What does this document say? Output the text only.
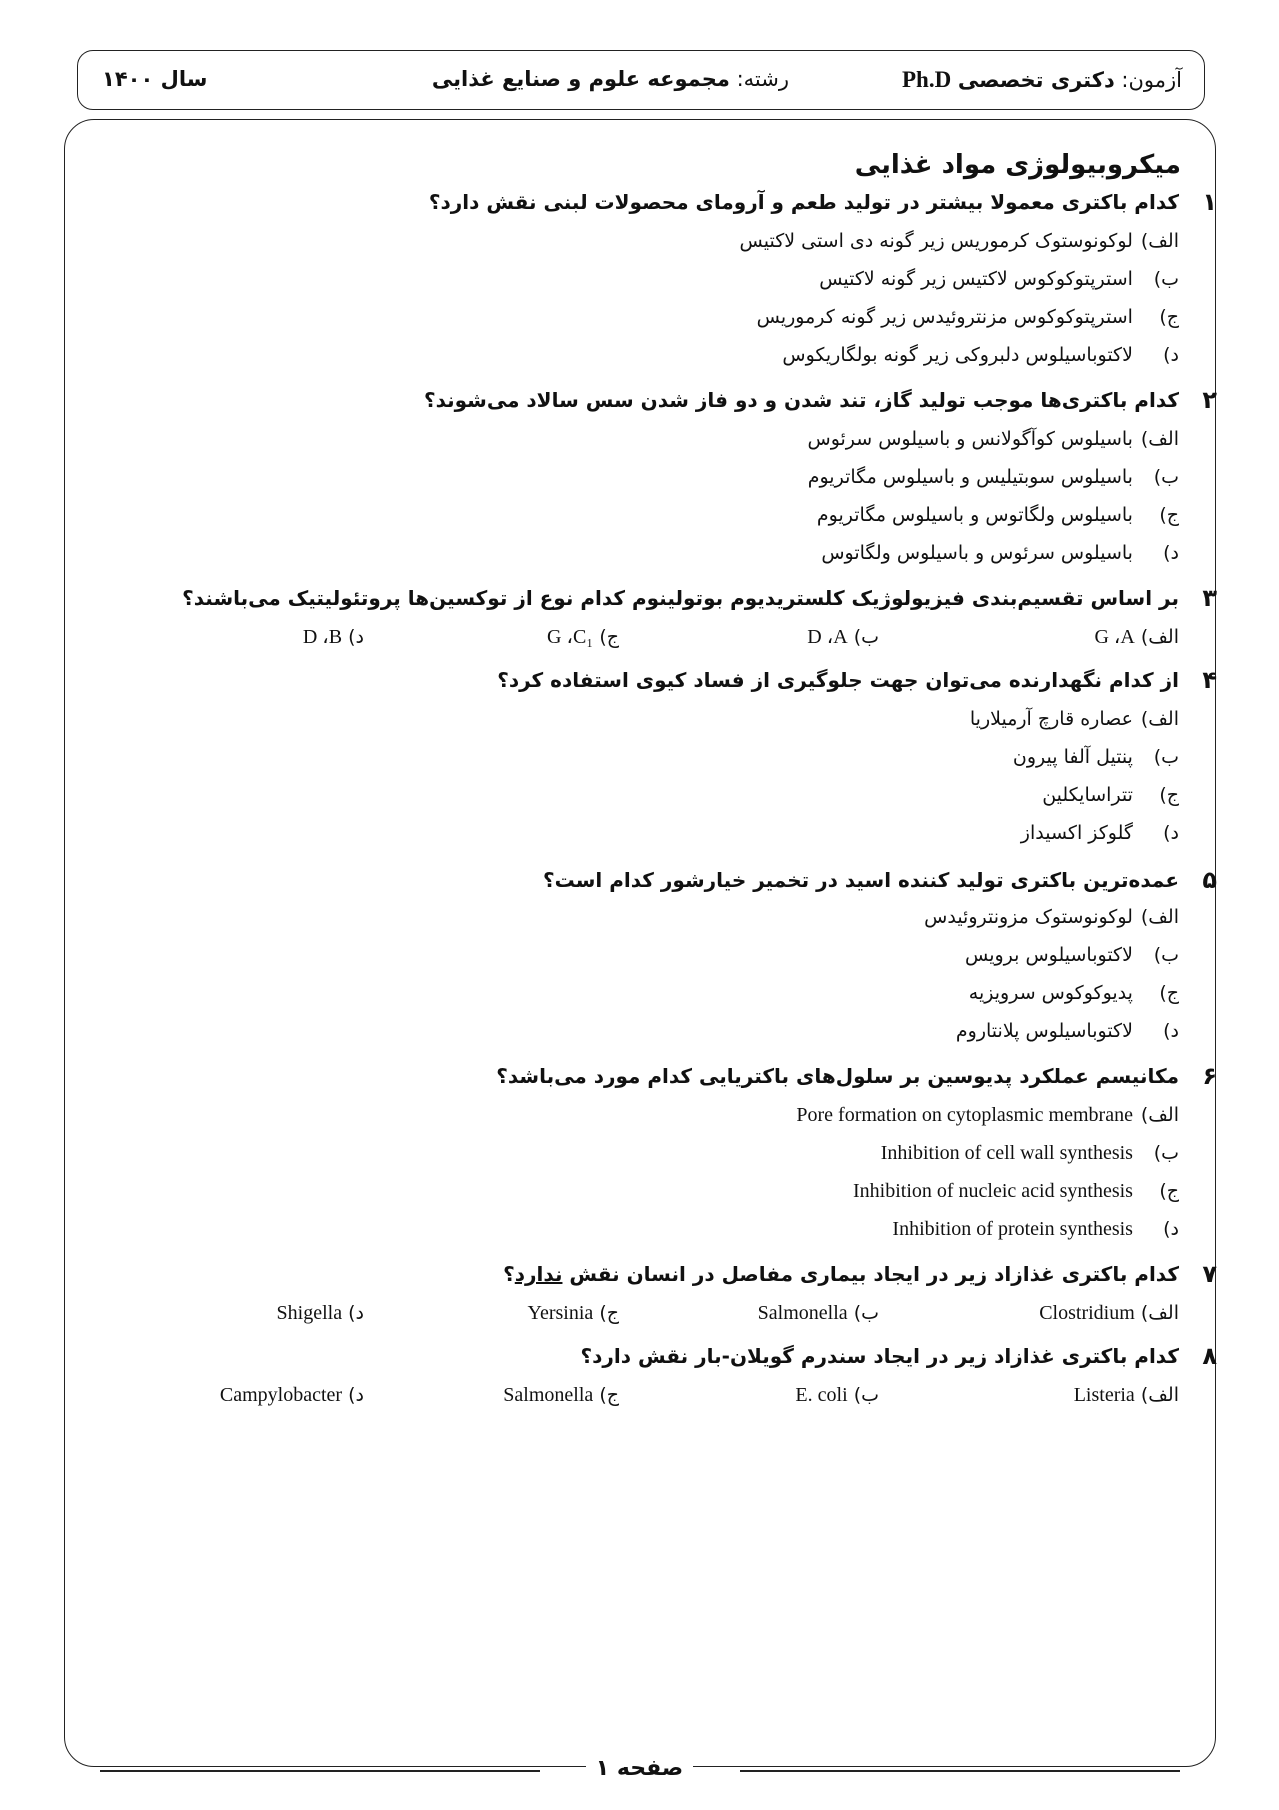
آزمون: دکتری تخصصی Ph.D
رشته: مجموعه علوم و صنایع غذایی
سال ۱۴۰۰
میکروبیولوژی مواد غذایی
۱
کدام باکتری معمولا بیشتر در تولید طعم و آرومای محصولات لبنی نقش دارد؟
الف) لوکونوستوک کرموریس زیر گونه دی استی لاکتیس
ب) استرپتوکوکوس لاکتیس زیر گونه لاکتیس
ج) استرپتوکوکوس مزنتروئیدس زیر گونه کرموریس
د) لاکتوباسیلوس دلبروکی زیر گونه بولگاریکوس
۲
کدام باکتری‌ها موجب تولید گاز، تند شدن و دو فاز شدن سس سالاد می‌شوند؟
الف) باسیلوس کوآگولانس و باسیلوس سرئوس
ب) باسیلوس سوبتیلیس و باسیلوس مگاتریوم
ج) باسیلوس ولگاتوس و باسیلوس مگاتریوم
د) باسیلوس سرئوس و باسیلوس ولگاتوس
۳
بر اساس تقسیم‌بندی فیزیولوژیک کلستریدیوم بوتولینوم کدام نوع از توکسین‌ها پروتئولیتیک می‌باشند؟
الف) G ،A
ب) D ،A
ج) G ،C₁
د) D ،B
۴
از کدام نگهدارنده می‌توان جهت جلوگیری از فساد کیوی استفاده کرد؟
الف) عصاره قارچ آرمیلاریا
ب) پنتیل آلفا پیرون
ج) تتراسایکلین
د) گلوکز اکسیداز
۵
عمده‌ترین باکتری تولید کننده اسید در تخمیر خیارشور کدام است؟
الف) لوکونوستوک مزونتروئیدس
ب) لاکتوباسیلوس برویس
ج) پدیوکوکوس سرویزیه
د) لاکتوباسیلوس پلانتاروم
۶
مکانیسم عملکرد پدیوسین بر سلول‌های باکتریایی کدام مورد می‌باشد؟
الف) Pore formation on cytoplasmic membrane
ب) Inhibition of cell wall synthesis
ج) Inhibition of nucleic acid synthesis
د) Inhibition of protein synthesis
۷
کدام باکتری غذازاد زیر در ایجاد بیماری مفاصل در انسان نقش ندارد؟
الف) Clostridium
ب) Salmonella
ج) Yersinia
د) Shigella
۸
کدام باکتری غذازاد زیر در ایجاد سندرم گویلان-بار نقش دارد؟
الف) Listeria
ب) E. coli
ج) Salmonella
د) Campylobacter
صفحه ۱
